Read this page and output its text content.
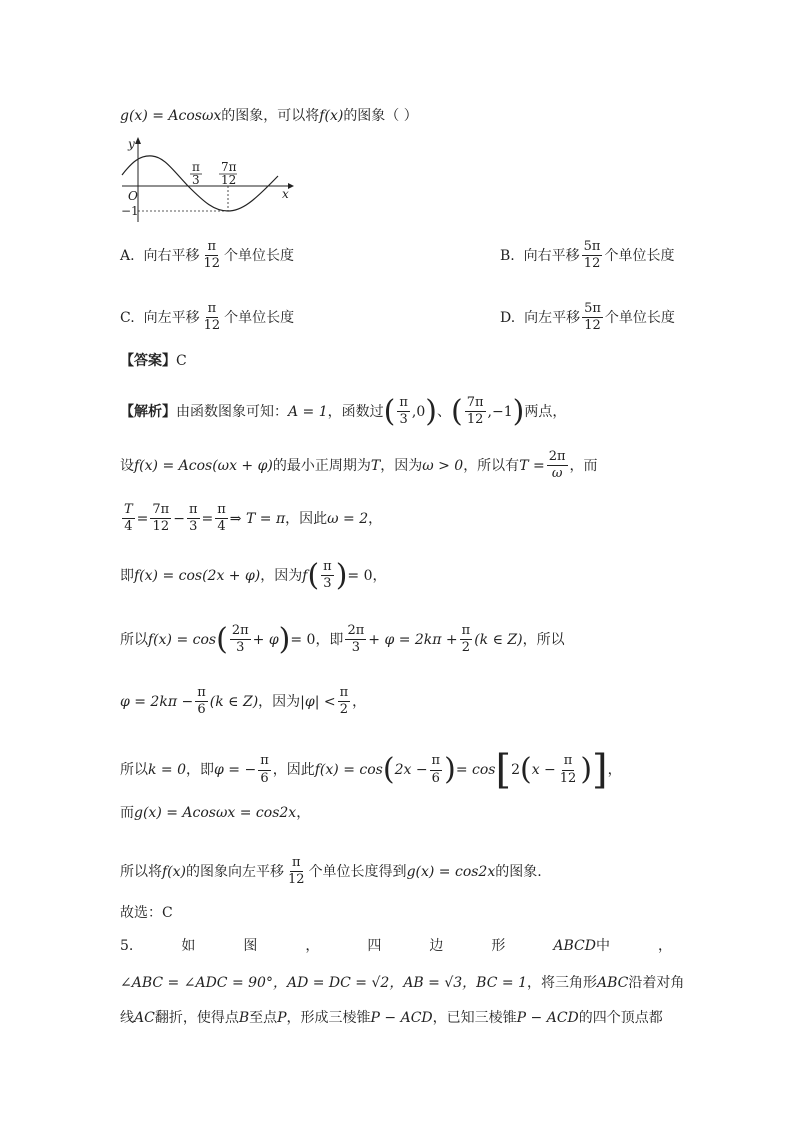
g(x) = Acosωx的图象，可以将f(x)的图象（ ）
y
x
O
−1
π
3
7π
12
A. 向右平移 $\frac{\pi}{12}$ 个单位长度	B. 向右平移 $\frac{5\pi}{12}$ 个单位长度
C. 向左平移 $\frac{\pi}{12}$ 个单位长度	D. 向左平移 $\frac{5\pi}{12}$ 个单位长度
【答案】C
【解析】由函数图象可知：A = 1，函数过( $\frac{\pi}{3} ,0$)、( $\frac{7\pi}{12} ,-1$)两点，
设f(x) = Acos(ωx + φ)的最小正周期为T，因为ω > 0，所以有$T = \frac{2\pi}{\omega}$ ，而
$\frac{T}{4} = \frac{7\pi}{12} - \frac{\pi}{3} = \frac{\pi}{4}$ ⇒ T = π，因此ω = 2，
即f(x) = cos(2x + φ)，因为$f( \frac{\pi}{3}$ )= 0，
所以$f(x) = \cos( \frac{2\pi}{3} + \varphi)= 0$，即 $\frac{2\pi}{3} + \varphi = 2k\pi + \frac{\pi}{2} (k$ ∈ Z)，所以
$\varphi = 2k\pi - \frac{\pi}{6} (k$ ∈ Z)，因为$|\varphi| < \frac{\pi}{2}$ ，
所以k = 0，即φ = − $\frac{\pi}{6}$ ，因此$f(x) = \cos(2x - \frac{\pi}{6}$ )= $\cos[2(x - \frac{\pi}{12}$ )]，
而g(x) = Acosωx = cos2x，
所以将f(x)的图象向左平移 $\frac{\pi}{12}$ 个单位长度得到g(x) = cos2x的图象.
故选：C
5.	如	图	，	四	边	形	ABCD中	，
∠ABC = ∠ADC = 90°，AD = DC = √2，AB = √3，BC = 1，将三角形ABC沿着对角
线AC翻折，使得点B至点P，形成三棱锥P − ACD，已知三棱锥P − ACD的四个顶点都
